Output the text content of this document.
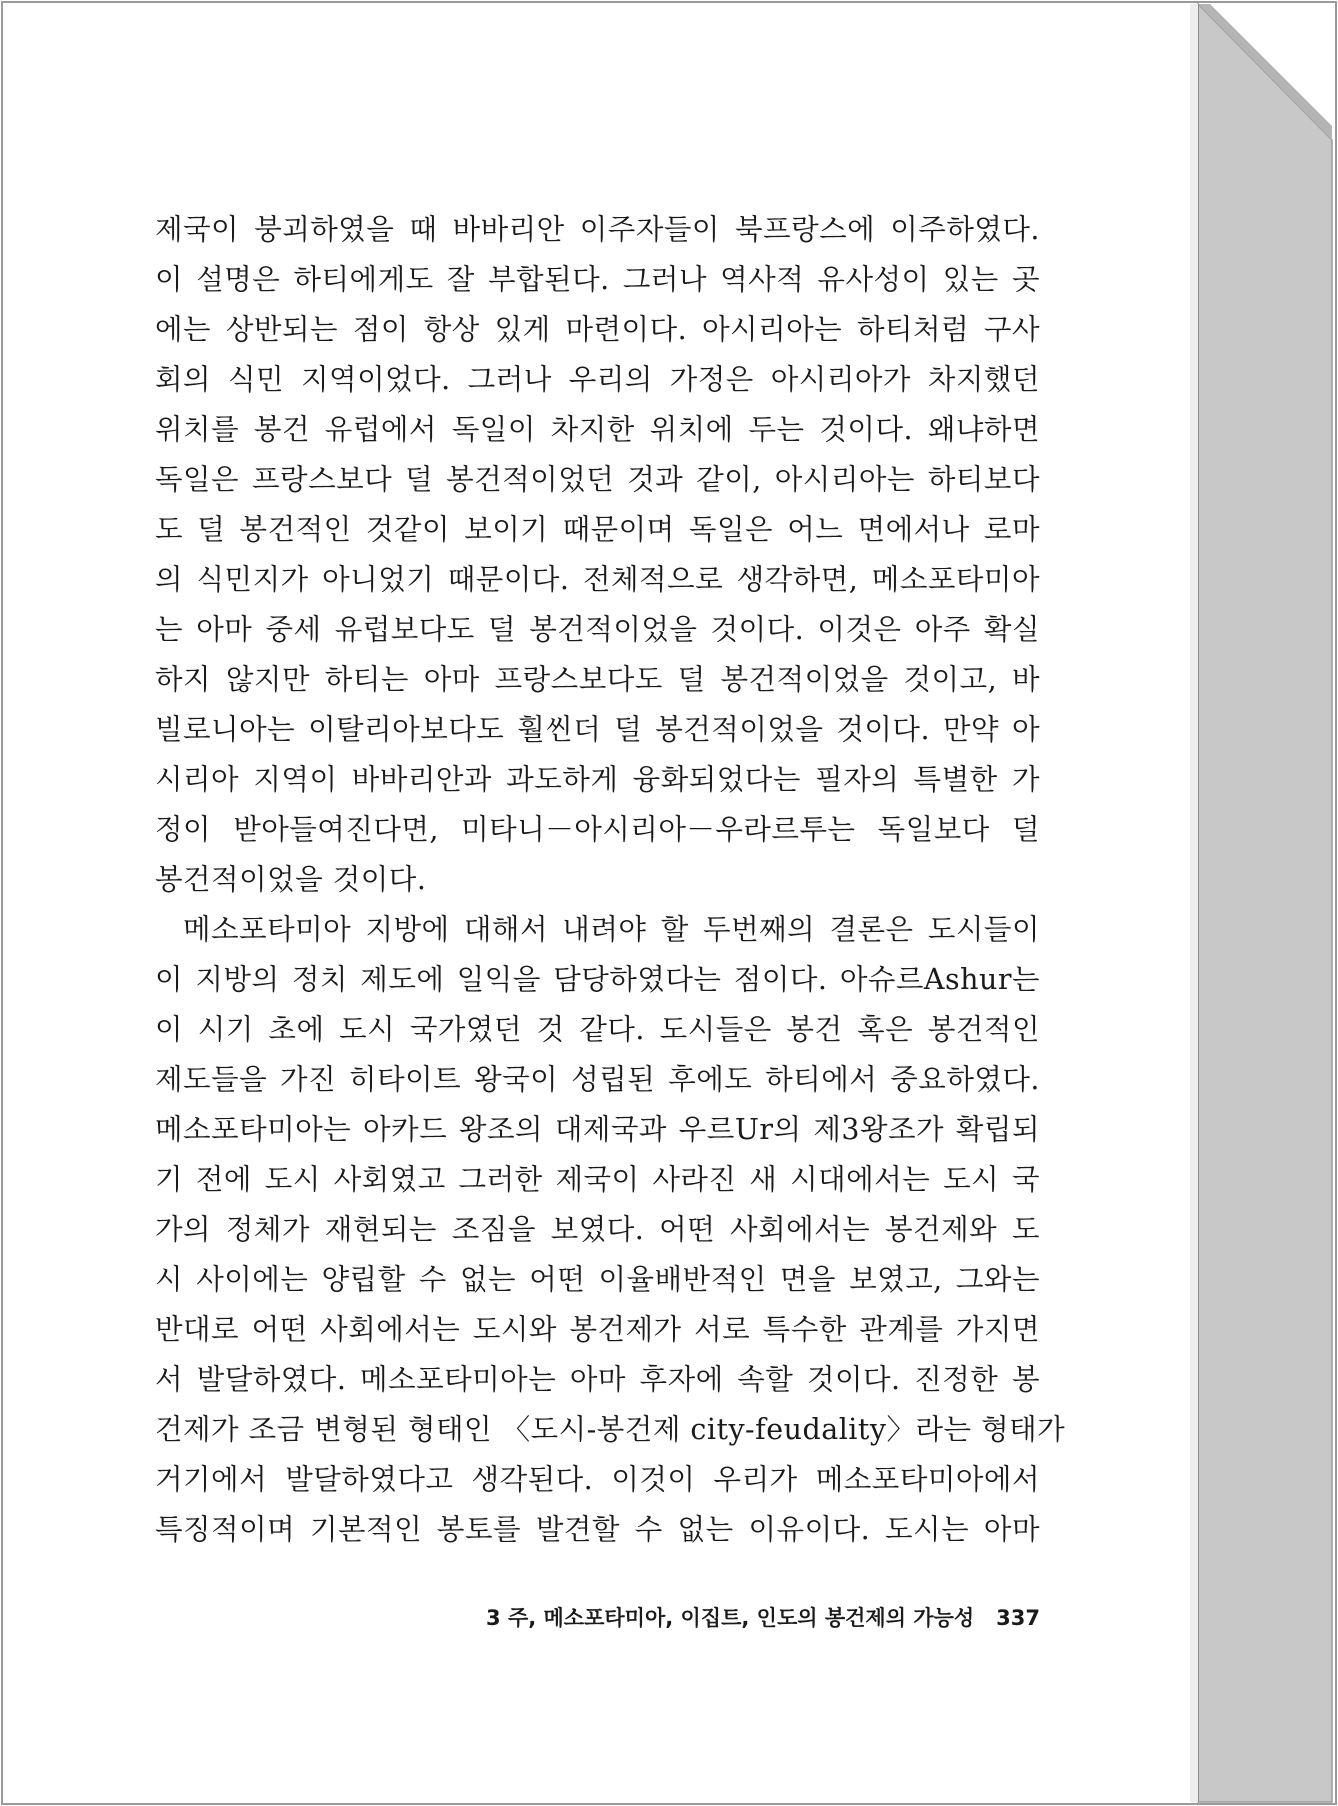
제국이 붕괴하였을 때 바바리안 이주자들이 북프랑스에 이주하였다.
이 설명은 하티에게도 잘 부합된다. 그러나 역사적 유사성이 있는 곳
에는 상반되는 점이 항상 있게 마련이다. 아시리아는 하티처럼 구사
회의 식민 지역이었다. 그러나 우리의 가정은 아시리아가 차지했던
위치를 봉건 유럽에서 독일이 차지한 위치에 두는 것이다. 왜냐하면
독일은 프랑스보다 덜 봉건적이었던 것과 같이, 아시리아는 하티보다
도 덜 봉건적인 것같이 보이기 때문이며 독일은 어느 면에서나 로마
의 식민지가 아니었기 때문이다. 전체적으로 생각하면, 메소포타미아
는 아마 중세 유럽보다도 덜 봉건적이었을 것이다. 이것은 아주 확실
하지 않지만 하티는 아마 프랑스보다도 덜 봉건적이었을 것이고, 바
빌로니아는 이탈리아보다도 훨씬더 덜 봉건적이었을 것이다. 만약 아
시리아 지역이 바바리안과 과도하게 융화되었다는 필자의 특별한 가
정이 받아들여진다면, 미타니－아시리아－우라르투는 독일보다 덜
봉건적이었을 것이다.
메소포타미아 지방에 대해서 내려야 할 두번째의 결론은 도시들이
이 지방의 정치 제도에 일익을 담당하였다는 점이다. 아슈르Ashur는
이 시기 초에 도시 국가였던 것 같다. 도시들은 봉건 혹은 봉건적인
제도들을 가진 히타이트 왕국이 성립된 후에도 하티에서 중요하였다.
메소포타미아는 아카드 왕조의 대제국과 우르Ur의 제3왕조가 확립되
기 전에 도시 사회였고 그러한 제국이 사라진 새 시대에서는 도시 국
가의 정체가 재현되는 조짐을 보였다. 어떤 사회에서는 봉건제와 도
시 사이에는 양립할 수 없는 어떤 이율배반적인 면을 보였고, 그와는
반대로 어떤 사회에서는 도시와 봉건제가 서로 특수한 관계를 가지면
서 발달하였다. 메소포타미아는 아마 후자에 속할 것이다. 진정한 봉
건제가 조금 변형된 형태인 〈도시-봉건제 city-feudality〉라는 형태가
거기에서 발달하였다고 생각된다. 이것이 우리가 메소포타미아에서
특징적이며 기본적인 봉토를 발견할 수 없는 이유이다. 도시는 아마
3 주, 메소포타미아, 이집트, 인도의 봉건제의 가능성 337
